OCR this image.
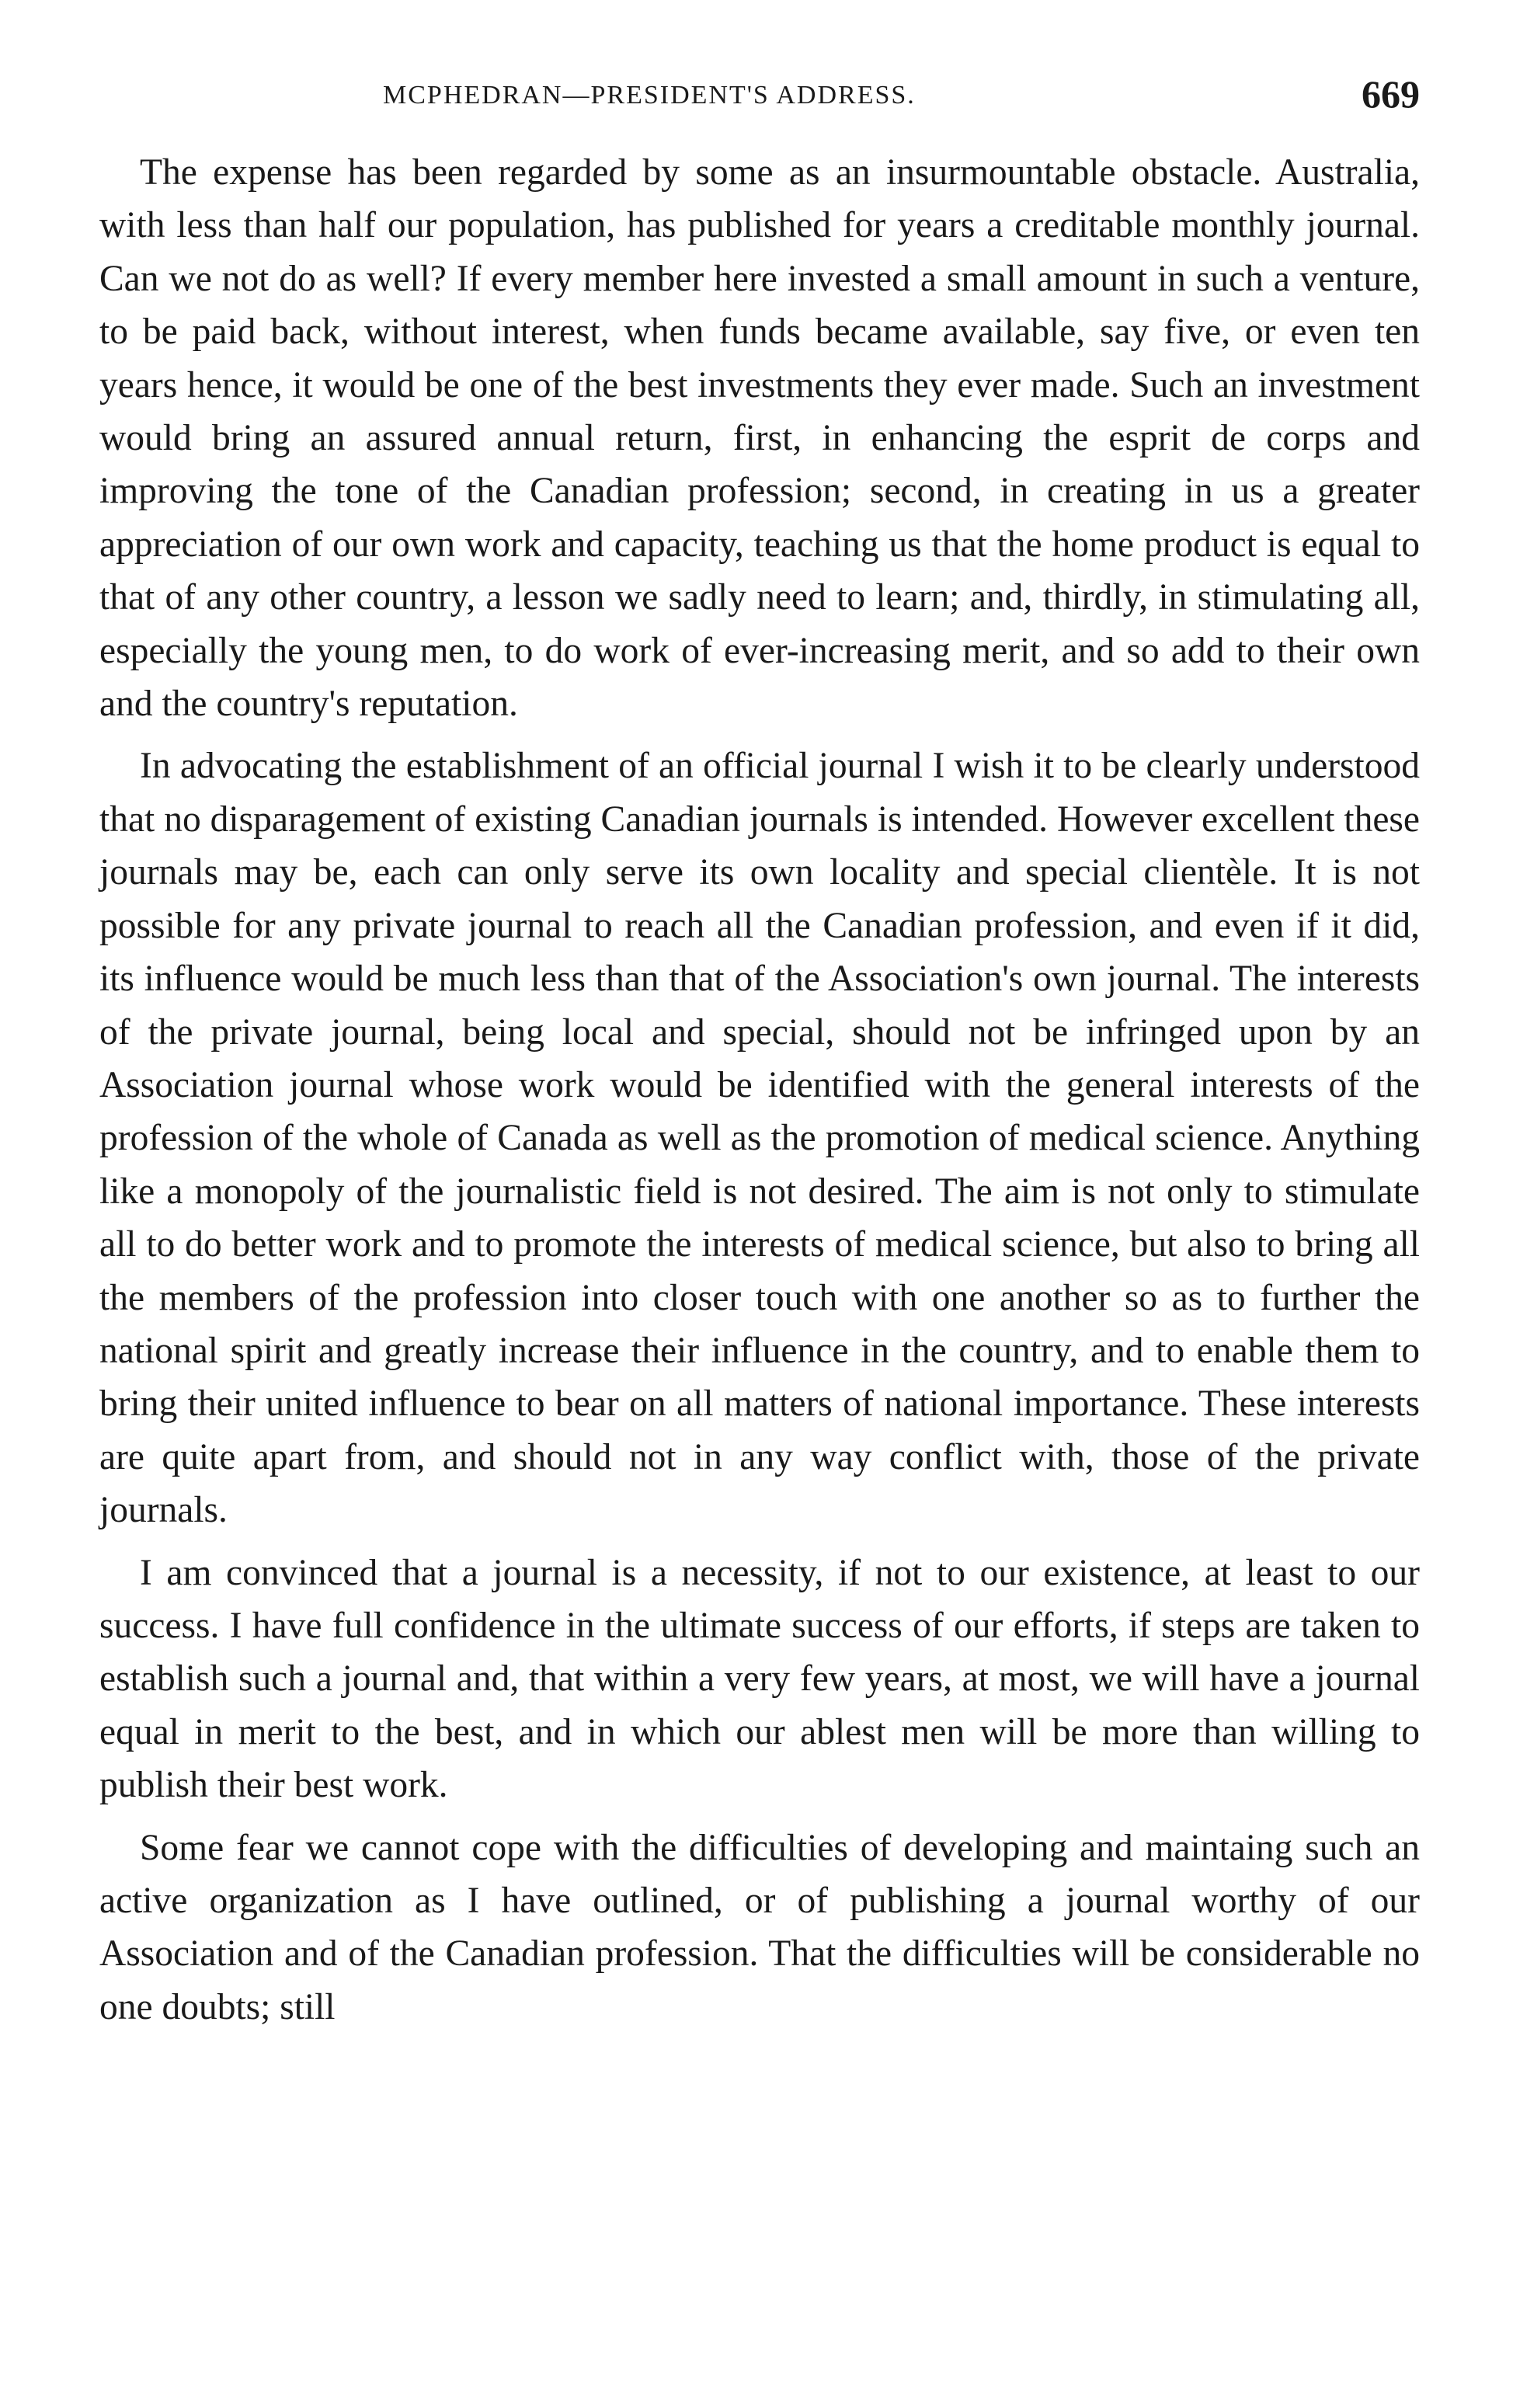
MCPHEDRAN—PRESIDENT'S ADDRESS.	669

The expense has been regarded by some as an insurmountable obstacle. Australia, with less than half our population, has published for years a creditable monthly journal. Can we not do as well? If every member here invested a small amount in such a venture, to be paid back, without interest, when funds became available, say five, or even ten years hence, it would be one of the best investments they ever made. Such an investment would bring an assured annual return, first, in enhancing the esprit de corps and improving the tone of the Canadian profession; second, in creating in us a greater appreciation of our own work and capacity, teaching us that the home product is equal to that of any other country, a lesson we sadly need to learn; and, thirdly, in stimulating all, especially the young men, to do work of ever-increasing merit, and so add to their own and the country's reputation.

In advocating the establishment of an official journal I wish it to be clearly understood that no disparagement of existing Canadian journals is intended. However excellent these journals may be, each can only serve its own locality and special clientèle. It is not possible for any private journal to reach all the Canadian profession, and even if it did, its influence would be much less than that of the Association's own journal. The interests of the private journal, being local and special, should not be infringed upon by an Association journal whose work would be identified with the general interests of the profession of the whole of Canada as well as the promotion of medical science. Anything like a monopoly of the journalistic field is not desired. The aim is not only to stimulate all to do better work and to promote the interests of medical science, but also to bring all the members of the profession into closer touch with one another so as to further the national spirit and greatly increase their influence in the country, and to enable them to bring their united influence to bear on all matters of national importance. These interests are quite apart from, and should not in any way conflict with, those of the private journals.

I am convinced that a journal is a necessity, if not to our existence, at least to our success. I have full confidence in the ultimate success of our efforts, if steps are taken to establish such a journal and, that within a very few years, at most, we will have a journal equal in merit to the best, and in which our ablest men will be more than willing to publish their best work.

Some fear we cannot cope with the difficulties of developing and maintaing such an active organization as I have outlined, or of publishing a journal worthy of our Association and of the Canadian profession. That the difficulties will be considerable no one doubts; still
